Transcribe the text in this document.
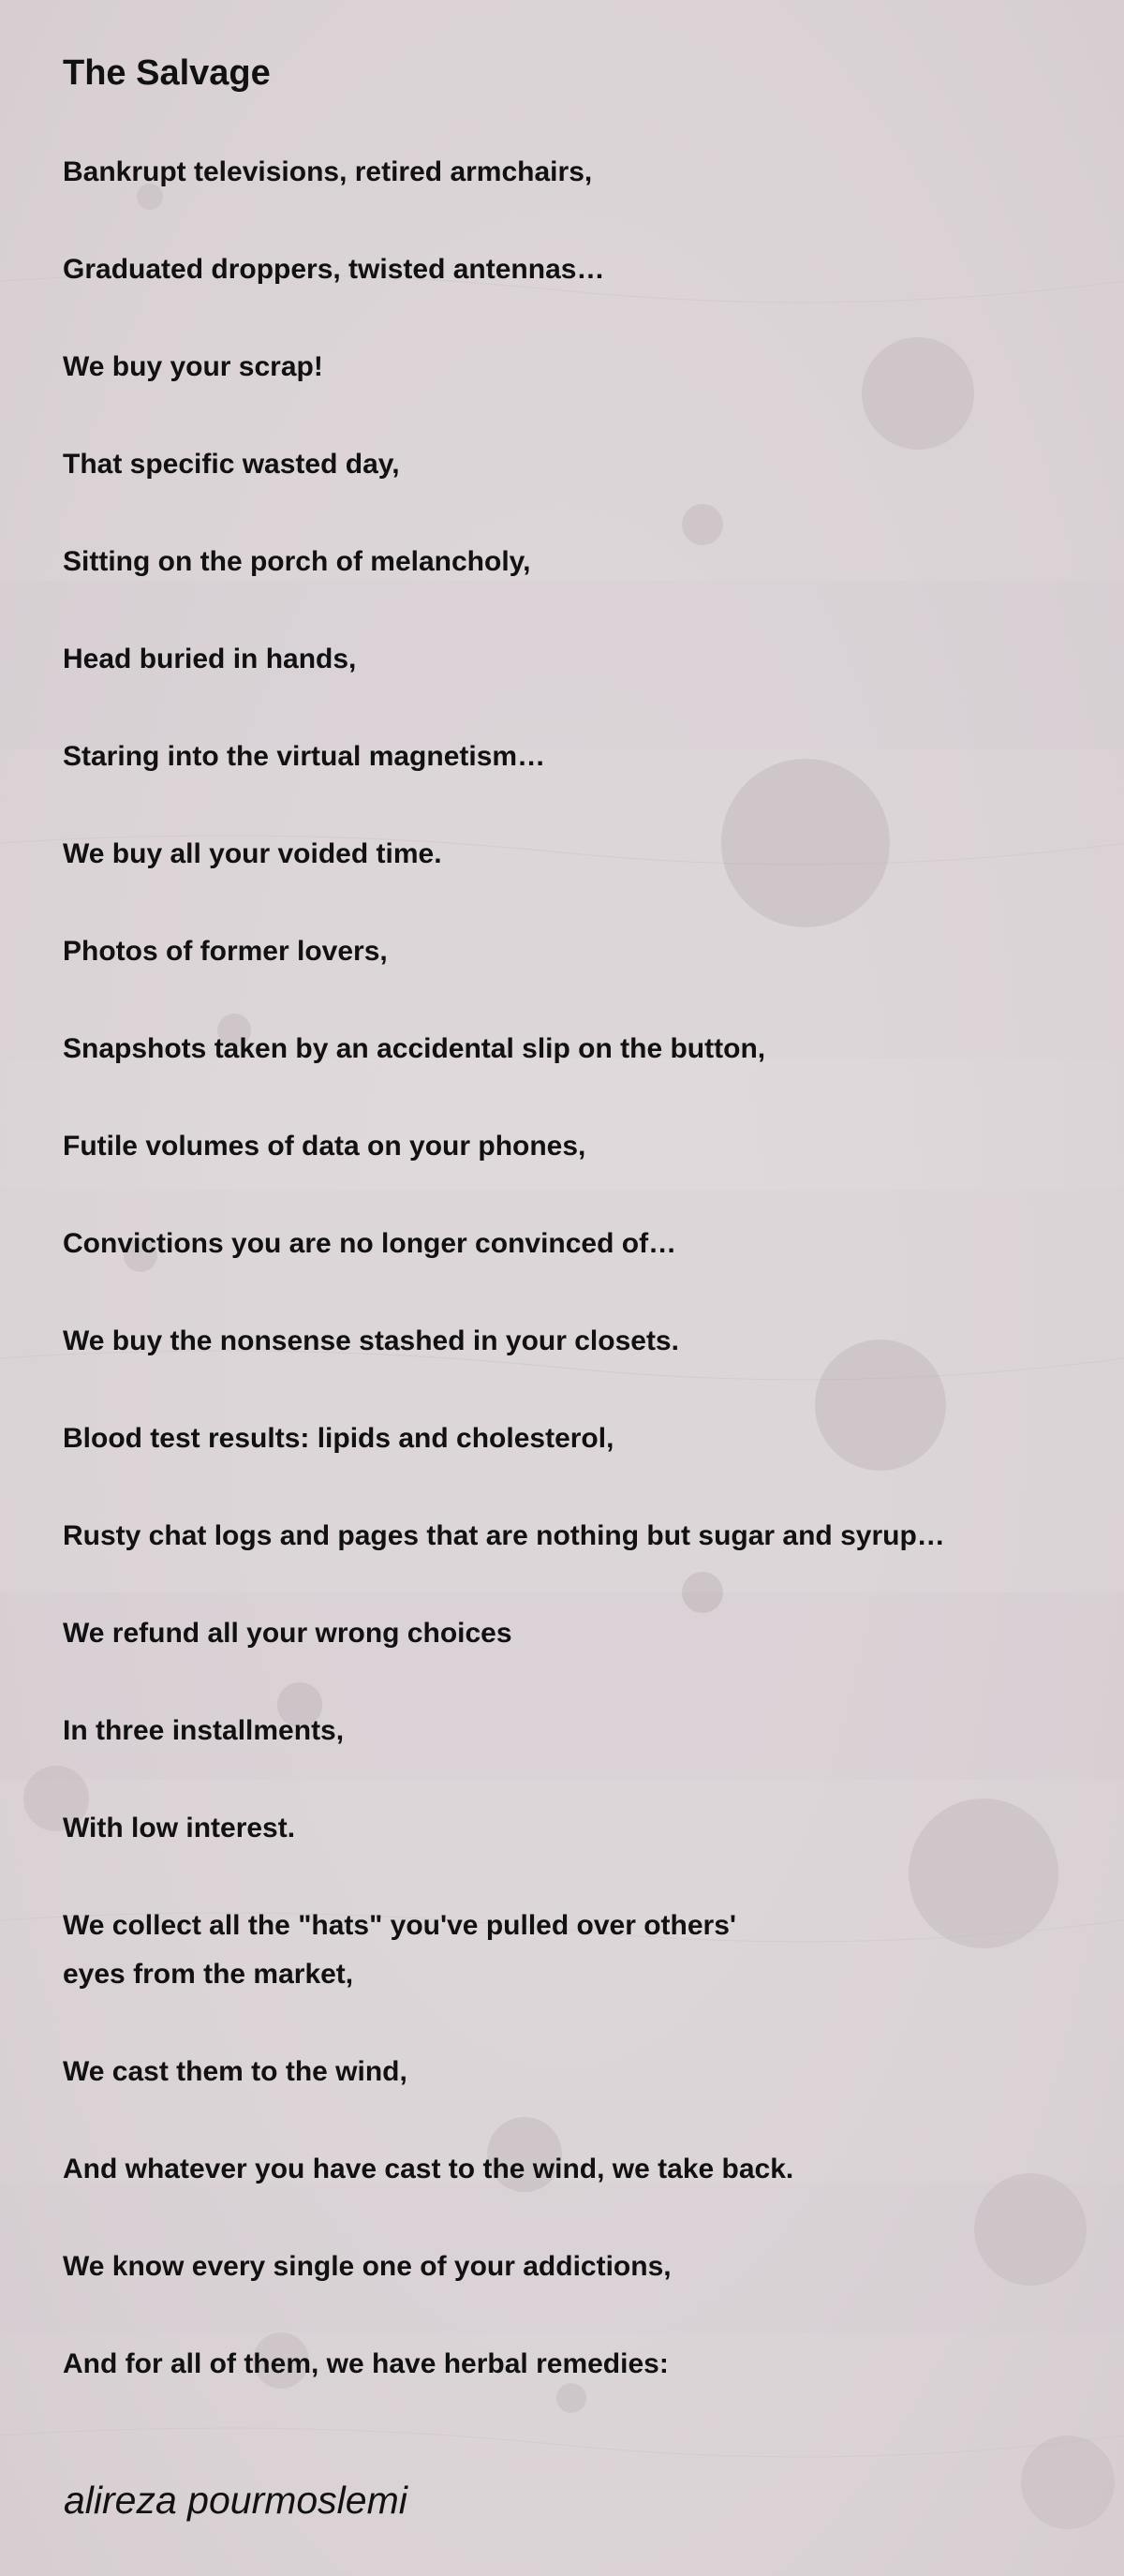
The Salvage

Bankrupt televisions, retired armchairs,

Graduated droppers, twisted antennas…

We buy your scrap!

That specific wasted day,

Sitting on the porch of melancholy,

Head buried in hands,

Staring into the virtual magnetism…

We buy all your voided time.

Photos of former lovers,

Snapshots taken by an accidental slip on the button,

Futile volumes of data on your phones,

Convictions you are no longer convinced of…

We buy the nonsense stashed in your closets.

Blood test results: lipids and cholesterol,

Rusty chat logs and pages that are nothing but sugar and syrup…

We refund all your wrong choices

In three installments,

With low interest.

We collect all the "hats" you've pulled over others'
eyes from the market,

We cast them to the wind,

And whatever you have cast to the wind, we take back.

We know every single one of your addictions,

And for all of them, we have herbal remedies:

alireza pourmoslemi
